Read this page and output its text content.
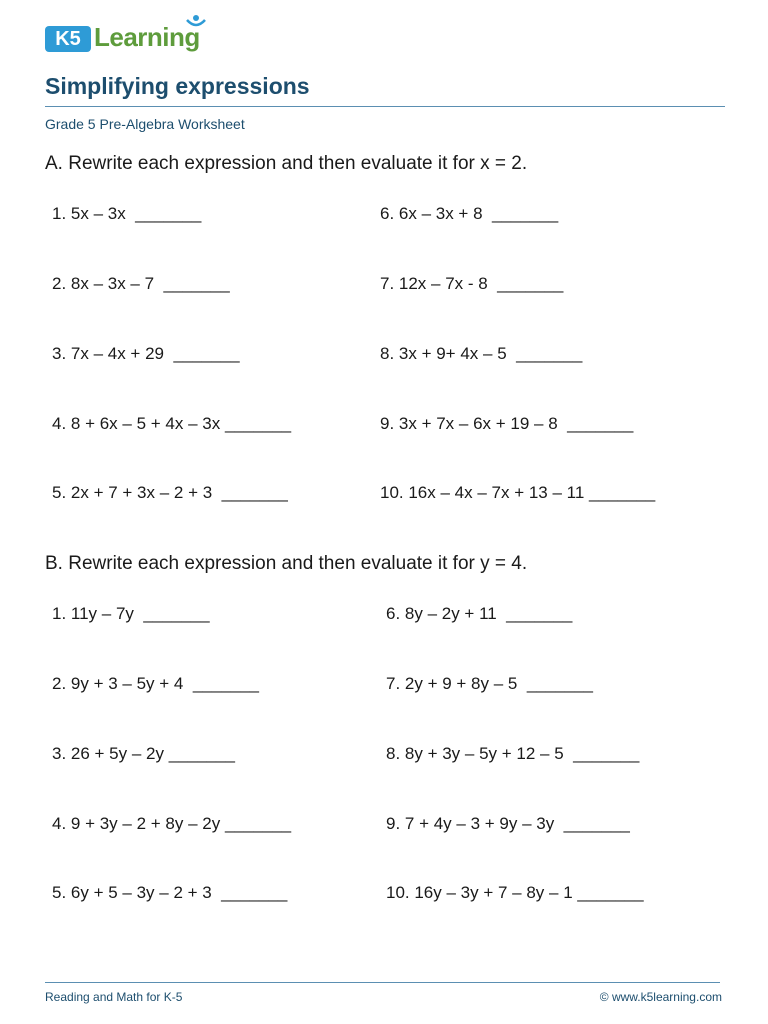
K5 Learning
Simplifying expressions
Grade 5 Pre-Algebra Worksheet
A. Rewrite each expression and then evaluate it for x = 2.
1. 5x – 3x  _______
2. 8x – 3x – 7  _______
3. 7x – 4x + 29  _______
4. 8 + 6x – 5 + 4x – 3x _______
5. 2x + 7 + 3x – 2 + 3  _______
6. 6x – 3x + 8  _______
7. 12x – 7x - 8  _______
8. 3x + 9+ 4x – 5  _______
9. 3x + 7x – 6x + 19 – 8  _______
10. 16x – 4x – 7x + 13 – 11 _______
B. Rewrite each expression and then evaluate it for y = 4.
1. 11y – 7y  _______
2. 9y + 3 – 5y + 4  _______
3. 26 + 5y – 2y _______
4. 9 + 3y – 2 + 8y – 2y _______
5. 6y + 5 – 3y – 2 + 3  _______
6. 8y – 2y + 11  _______
7. 2y + 9 + 8y – 5  _______
8. 8y + 3y – 5y + 12 – 5  _______
9. 7 + 4y – 3 + 9y – 3y  _______
10. 16y – 3y + 7 – 8y – 1 _______
Reading and Math for K-5	© www.k5learning.com
